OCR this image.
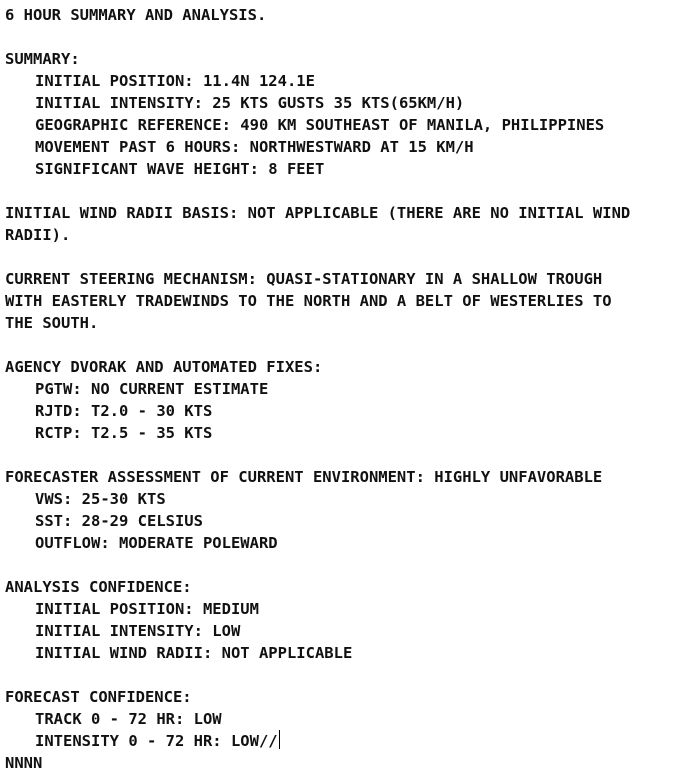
6 HOUR SUMMARY AND ANALYSIS.
SUMMARY:
INITIAL POSITION: 11.4N 124.1E
INITIAL INTENSITY: 25 KTS GUSTS 35 KTS(65KM/H)
GEOGRAPHIC REFERENCE: 490 KM SOUTHEAST OF MANILA, PHILIPPINES
MOVEMENT PAST 6 HOURS: NORTHWESTWARD AT 15 KM/H
SIGNIFICANT WAVE HEIGHT: 8 FEET
INITIAL WIND RADII BASIS: NOT APPLICABLE (THERE ARE NO INITIAL WIND
RADII).
CURRENT STEERING MECHANISM: QUASI-STATIONARY IN A SHALLOW TROUGH
WITH EASTERLY TRADEWINDS TO THE NORTH AND A BELT OF WESTERLIES TO
THE SOUTH.
AGENCY DVORAK AND AUTOMATED FIXES:
PGTW: NO CURRENT ESTIMATE
RJTD: T2.0 - 30 KTS
RCTP: T2.5 - 35 KTS
FORECASTER ASSESSMENT OF CURRENT ENVIRONMENT: HIGHLY UNFAVORABLE
VWS: 25-30 KTS
SST: 28-29 CELSIUS
OUTFLOW: MODERATE POLEWARD
ANALYSIS CONFIDENCE:
INITIAL POSITION: MEDIUM
INITIAL INTENSITY: LOW
INITIAL WIND RADII: NOT APPLICABLE
FORECAST CONFIDENCE:
TRACK 0 - 72 HR: LOW
INTENSITY 0 - 72 HR: LOW//
NNNN
